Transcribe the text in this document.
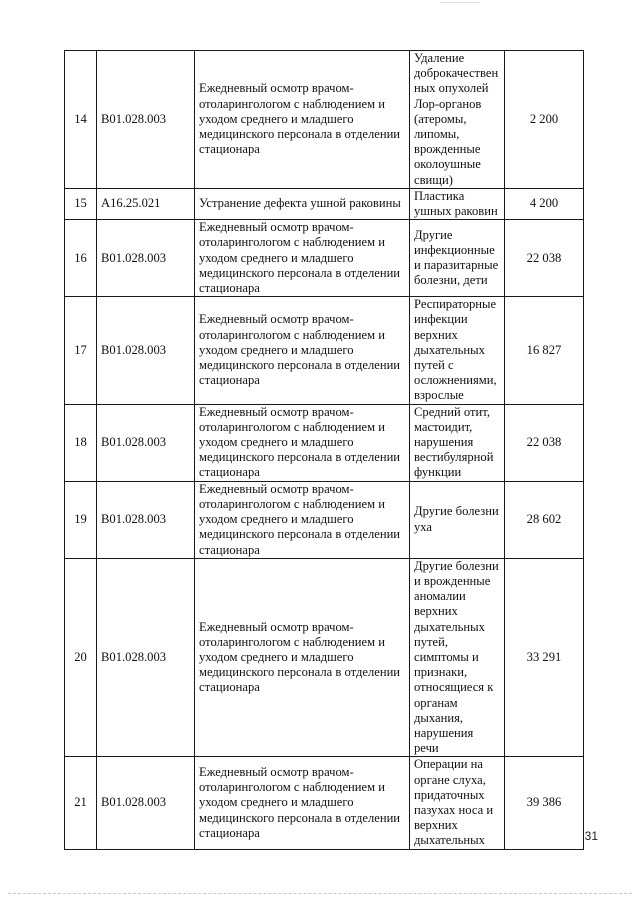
14	B01.028.003	Ежедневный осмотр врачом-отоларингологом с наблюдением и уходом среднего и младшего медицинского персонала в отделении стационара	Удаление доброкачествен ных опухолей Лор-органов (атеромы, липомы, врожденные околоушные свищи)	2 200
15	A16.25.021	Устранение дефекта ушной раковины	Пластика ушных раковин	4 200
16	B01.028.003	Ежедневный осмотр врачом-отоларингологом с наблюдением и уходом среднего и младшего медицинского персонала в отделении стационара	Другие инфекционные и паразитарные болезни, дети	22 038
17	B01.028.003	Ежедневный осмотр врачом-отоларингологом с наблюдением и уходом среднего и младшего медицинского персонала в отделении стационара	Респираторные инфекции верхних дыхательных путей с осложнениями, взрослые	16 827
18	B01.028.003	Ежедневный осмотр врачом-отоларингологом с наблюдением и уходом среднего и младшего медицинского персонала в отделении стационара	Средний отит, мастоидит, нарушения вестибулярной функции	22 038
19	B01.028.003	Ежедневный осмотр врачом-отоларингологом с наблюдением и уходом среднего и младшего медицинского персонала в отделении стационара	Другие болезни уха	28 602
20	B01.028.003	Ежедневный осмотр врачом-отоларингологом с наблюдением и уходом среднего и младшего медицинского персонала в отделении стационара	Другие болезни и врожденные аномалии верхних дыхательных путей, симптомы и признаки, относящиеся к органам дыхания, нарушения речи	33 291
21	B01.028.003	Ежедневный осмотр врачом-отоларингологом с наблюдением и уходом среднего и младшего медицинского персонала в отделении стационара	Операции на органе слуха, придаточных пазухах носа и верхних дыхательных	39 386
31
